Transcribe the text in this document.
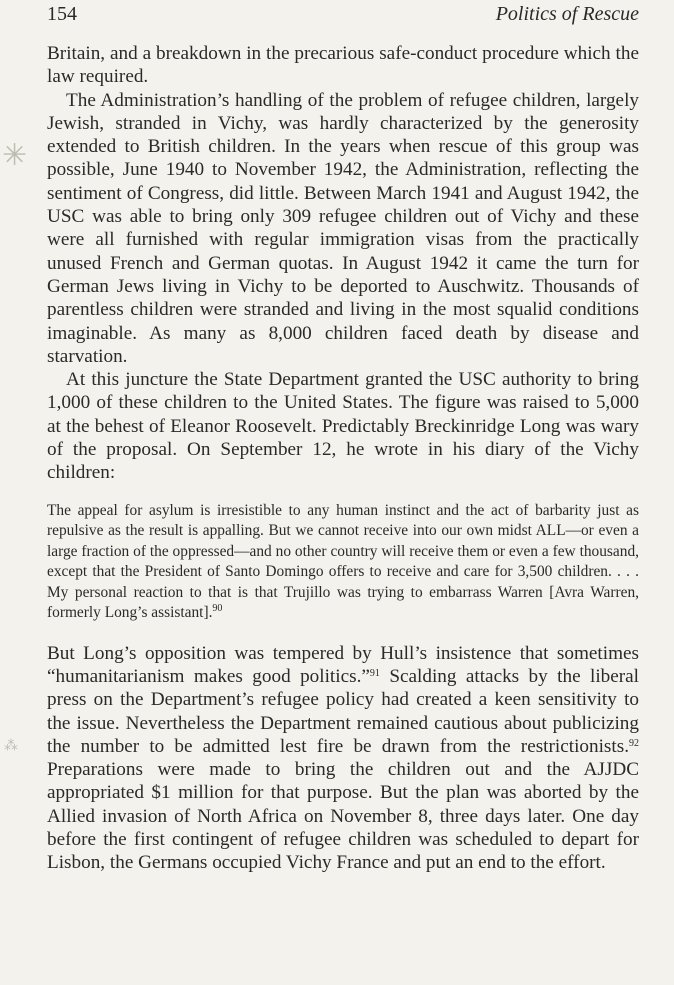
154	Politics of Rescue
✳
⁂

Britain, and a breakdown in the precarious safe-conduct procedure which the law required.

The Administration’s handling of the problem of refugee children, largely Jewish, stranded in Vichy, was hardly characterized by the generosity extended to British children. In the years when rescue of this group was possible, June 1940 to November 1942, the Administration, reflecting the sentiment of Congress, did little. Between March 1941 and August 1942, the USC was able to bring only 309 refugee children out of Vichy and these were all furnished with regular immigration visas from the practically unused French and German quotas. In August 1942 it came the turn for German Jews living in Vichy to be deported to Auschwitz. Thousands of parentless children were stranded and living in the most squalid conditions imaginable. As many as 8,000 children faced death by disease and starvation.

At this juncture the State Department granted the USC authority to bring 1,000 of these children to the United States. The figure was raised to 5,000 at the behest of Eleanor Roosevelt. Predictably Breckinridge Long was wary of the proposal. On September 12, he wrote in his diary of the Vichy children:

The appeal for asylum is irresistible to any human instinct and the act of barbarity just as repulsive as the result is appalling. But we cannot receive into our own midst ALL—or even a large fraction of the oppressed—and no other country will receive them or even a few thousand, except that the President of Santo Domingo offers to receive and care for 3,500 children. . . . My personal reaction to that is that Trujillo was trying to embarrass Warren [Avra Warren, formerly Long’s assistant].$^{90}$

But Long’s opposition was tempered by Hull’s insistence that sometimes “humanitarianism makes good politics.”$^{91}$ Scalding attacks by the liberal press on the Department’s refugee policy had created a keen sensitivity to the issue. Nevertheless the Department remained cautious about publicizing the number to be admitted lest fire be drawn from the restrictionists.$^{92}$ Preparations were made to bring the children out and the AJJDC appropriated $1 million for that purpose. But the plan was aborted by the Allied invasion of North Africa on November 8, three days later. One day before the first contingent of refugee children was scheduled to depart for Lisbon, the Germans occupied Vichy France and put an end to the effort.
